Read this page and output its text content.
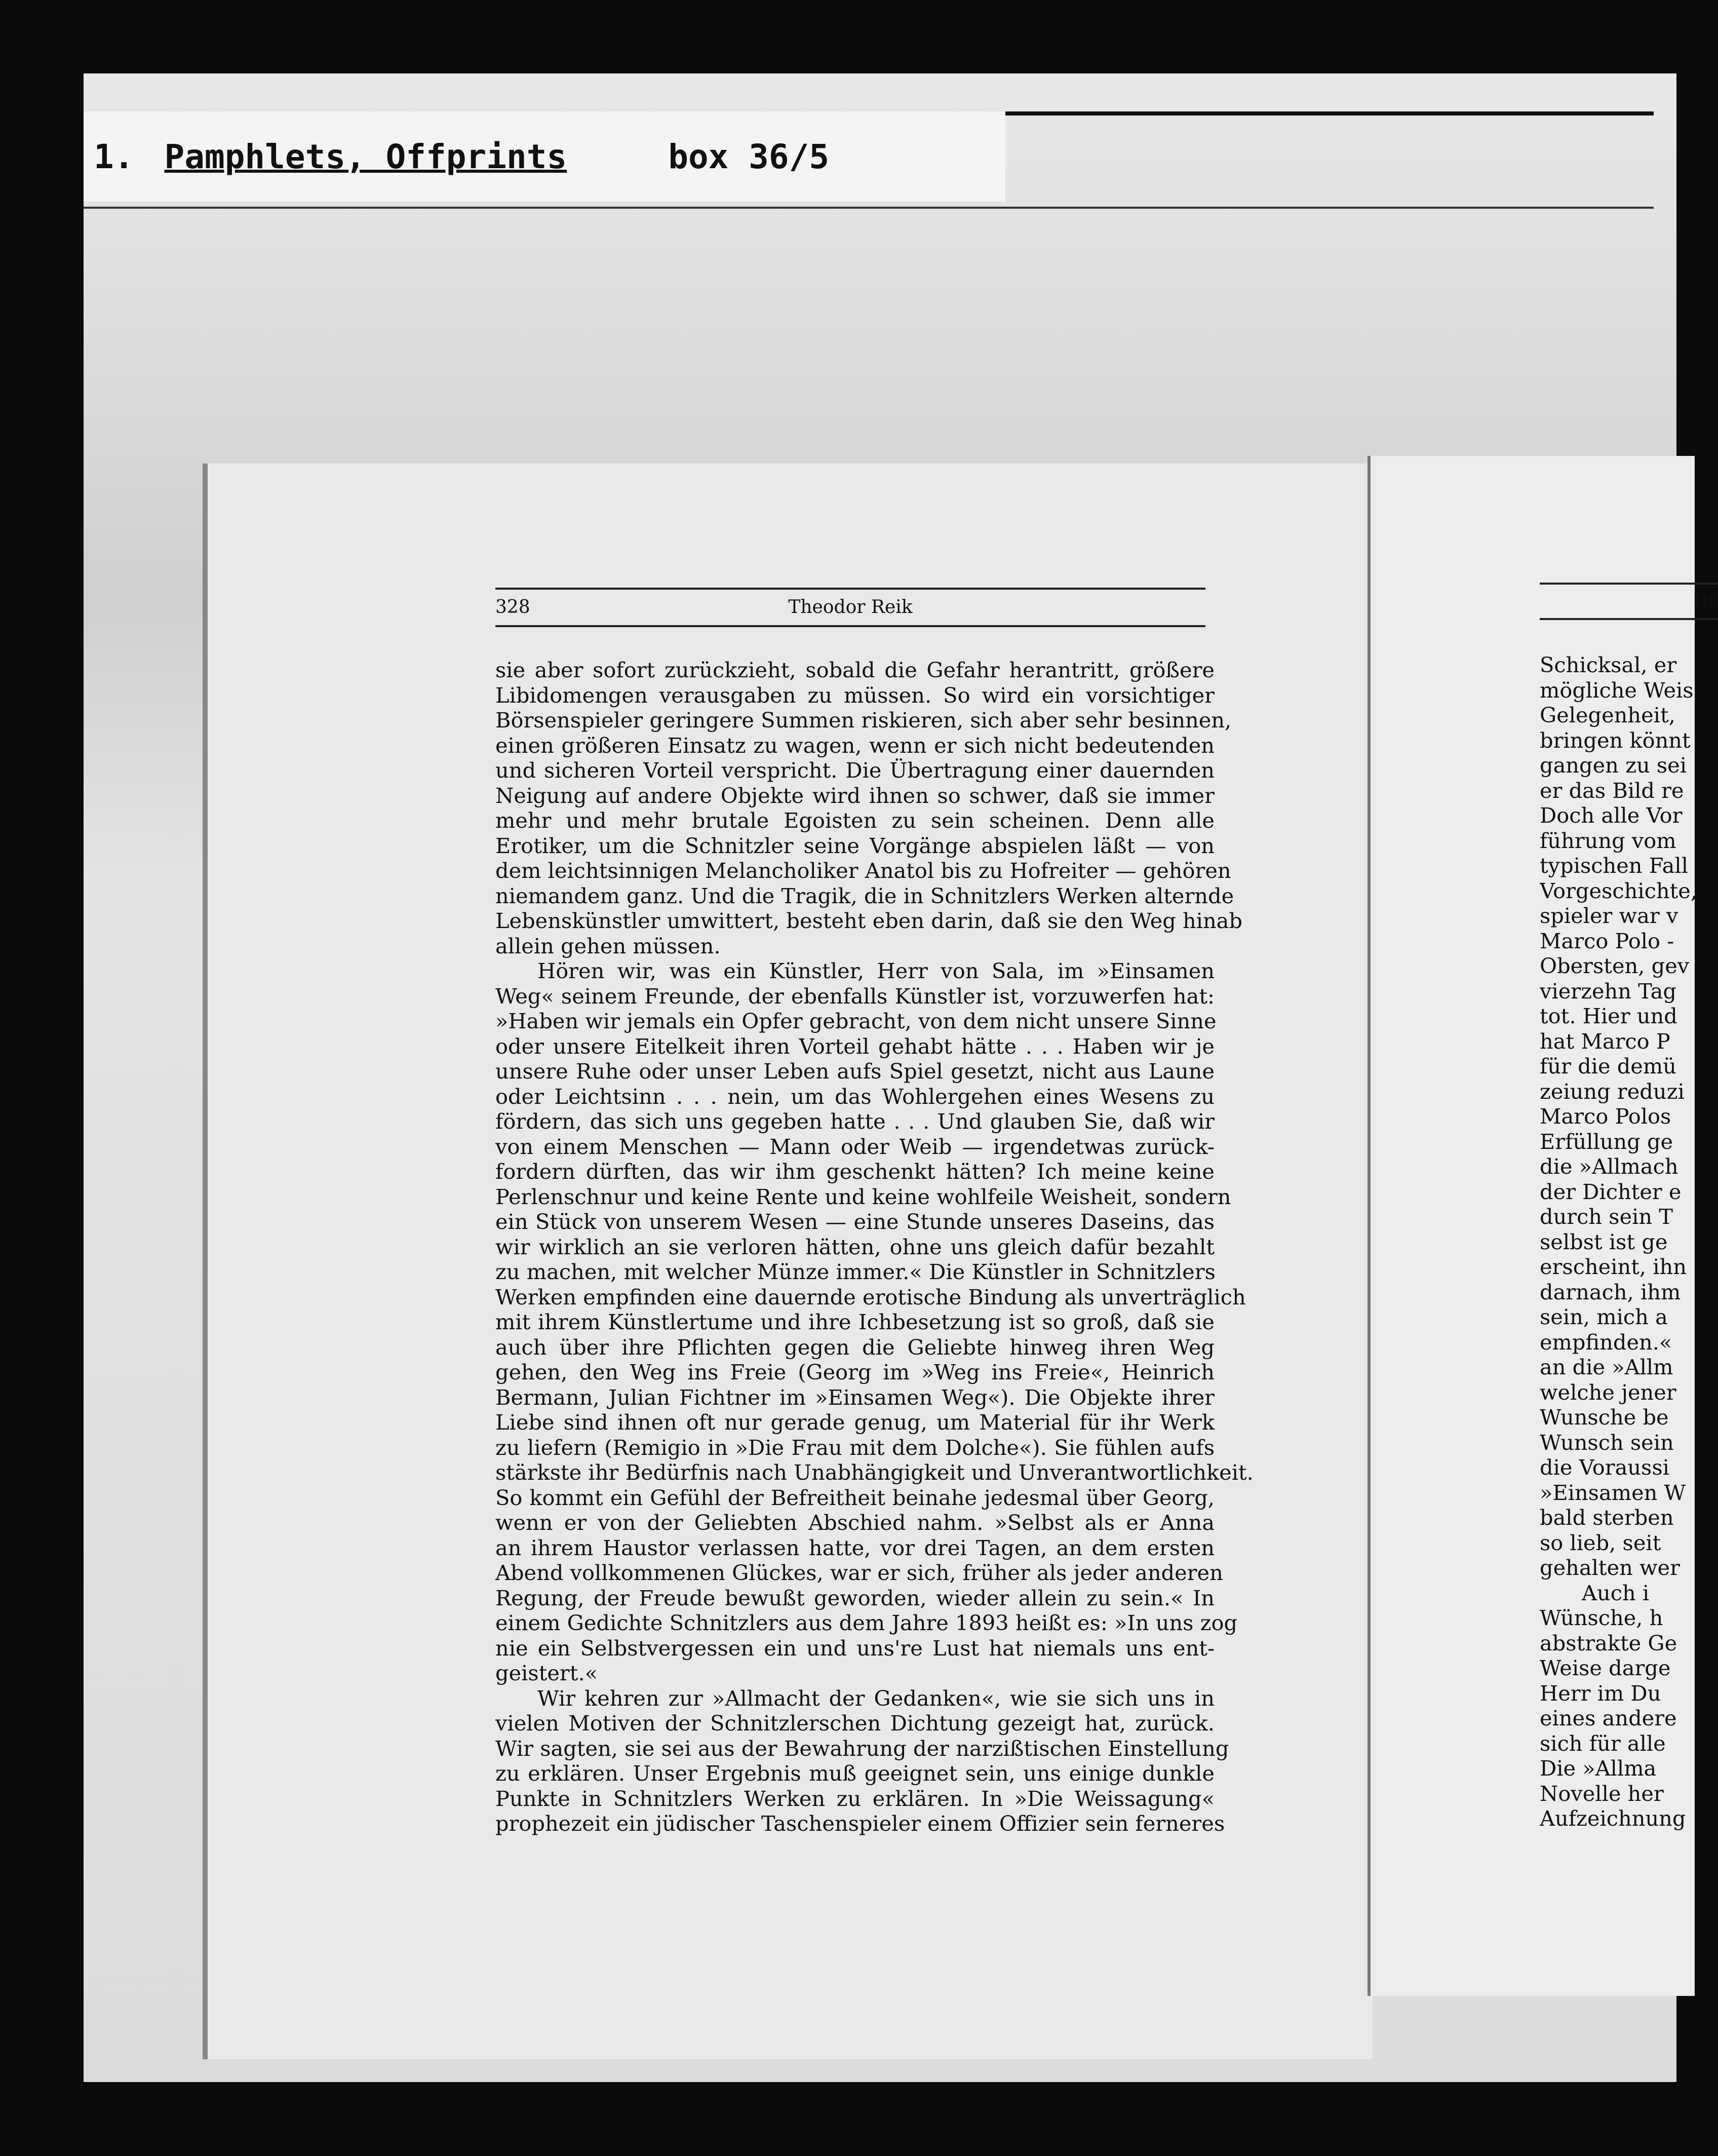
1. Pamphlets, Offprints	box 36/5
328	Theodor Reik
sie aber sofort zurückzieht, sobald die Gefahr herantritt, größere
Libidomengen verausgaben zu müssen. So wird ein vorsichtiger
Börsenspieler geringere Summen riskieren, sich aber sehr besinnen,
einen größeren Einsatz zu wagen, wenn er sich nicht bedeutenden
und sicheren Vorteil verspricht. Die Übertragung einer dauernden
Neigung auf andere Objekte wird ihnen so schwer, daß sie immer
mehr und mehr brutale Egoisten zu sein scheinen. Denn alle
Erotiker, um die Schnitzler seine Vorgänge abspielen läßt — von
dem leichtsinnigen Melancholiker Anatol bis zu Hofreiter — gehören
niemandem ganz. Und die Tragik, die in Schnitzlers Werken alternde
Lebenskünstler umwittert, besteht eben darin, daß sie den Weg hinab
allein gehen müssen.
  Hören wir, was ein Künstler, Herr von Sala, im »Einsamen
Weg« seinem Freunde, der ebenfalls Künstler ist, vorzuwerfen hat:
»Haben wir jemals ein Opfer gebracht, von dem nicht unsere Sinne
oder unsere Eitelkeit ihren Vorteil gehabt hätte . . . Haben wir je
unsere Ruhe oder unser Leben aufs Spiel gesetzt, nicht aus Laune
oder Leichtsinn . . . nein, um das Wohlergehen eines Wesens zu
fördern, das sich uns gegeben hatte . . . Und glauben Sie, daß wir
von einem Menschen — Mann oder Weib — irgendetwas zurück-
fordern dürften, das wir ihm geschenkt hätten? Ich meine keine
Perlenschnur und keine Rente und keine wohlfeile Weisheit, sondern
ein Stück von unserem Wesen — eine Stunde unseres Daseins, das
wir wirklich an sie verloren hätten, ohne uns gleich dafür bezahlt
zu machen, mit welcher Münze immer.« Die Künstler in Schnitzlers
Werken empfinden eine dauernde erotische Bindung als unverträglich
mit ihrem Künstlertume und ihre Ichbesetzung ist so groß, daß sie
auch über ihre Pflichten gegen die Geliebte hinweg ihren Weg
gehen, den Weg ins Freie (Georg im »Weg ins Freie«, Heinrich
Bermann, Julian Fichtner im »Einsamen Weg«). Die Objekte ihrer
Liebe sind ihnen oft nur gerade genug, um Material für ihr Werk
zu liefern (Remigio in »Die Frau mit dem Dolche«). Sie fühlen aufs
stärkste ihr Bedürfnis nach Unabhängigkeit und Unverantwortlichkeit.
So kommt ein Gefühl der Befreitheit beinahe jedesmal über Georg,
wenn er von der Geliebten Abschied nahm. »Selbst als er Anna
an ihrem Haustor verlassen hatte, vor drei Tagen, an dem ersten
Abend vollkommenen Glückes, war er sich, früher als jeder anderen
Regung, der Freude bewußt geworden, wieder allein zu sein.« In
einem Gedichte Schnitzlers aus dem Jahre 1893 heißt es: »In uns zog
nie ein Selbstvergessen ein und uns're Lust hat niemals uns ent-
geistert.«
  Wir kehren zur »Allmacht der Gedanken«, wie sie sich uns in
vielen Motiven der Schnitzlerschen Dichtung gezeigt hat, zurück.
Wir sagten, sie sei aus der Bewahrung der narzißtischen Einstellung
zu erklären. Unser Ergebnis muß geeignet sein, uns einige dunkle
Punkte in Schnitzlers Werken zu erklären. In »Die Weissagung«
prophezeit ein jüdischer Taschenspieler einem Offizier sein ferneres
Di
Schicksal, er
mögliche Weis
Gelegenheit,
bringen könnt
gangen zu sei
er das Bild re
Doch alle Vor
führung vom
typischen Fall
Vorgeschichte,
spieler war v
Marco Polo -
Obersten, gev
vierzehn Tag
tot. Hier und
hat Marco P
für die demü
zeiung reduzi
Marco Polos
Erfüllung ge
die »Allmach
der Dichter e
durch sein T
selbst ist ge
erscheint, ihn
darnach, ihm
sein, mich a
empfinden.«
an die »Allm
welche jener
Wunsche be
Wunsch sein
die Voraussi
»Einsamen W
bald sterben
so lieb, seit
gehalten wer
  Auch i
Wünsche, h
abstrakte Ge
Weise darge
Herr im Du
eines andere
sich für alle
Die »Allma
Novelle her
Aufzeichnung
